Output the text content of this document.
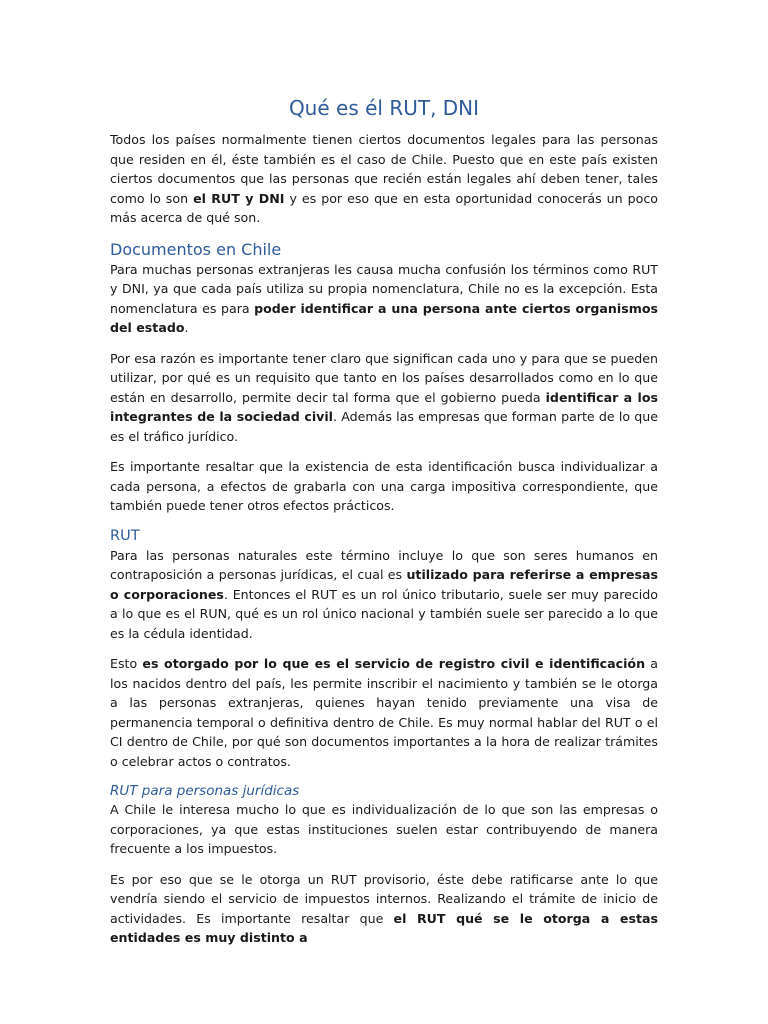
Qué es él RUT, DNI

Todos los países normalmente tienen ciertos documentos legales para las personas que residen en él, éste también es el caso de Chile. Puesto que en este país existen ciertos documentos que las personas que recién están legales ahí deben tener, tales como lo son el RUT y DNI y es por eso que en esta oportunidad conocerás un poco más acerca de qué son.

Documentos en Chile

Para muchas personas extranjeras les causa mucha confusión los términos como RUT y DNI, ya que cada país utiliza su propia nomenclatura, Chile no es la excepción. Esta nomenclatura es para poder identificar a una persona ante ciertos organismos del estado.

Por esa razón es importante tener claro que significan cada uno y para que se pueden utilizar, por qué es un requisito que tanto en los países desarrollados como en lo que están en desarrollo, permite decir tal forma que el gobierno pueda identificar a los integrantes de la sociedad civil. Además las empresas que forman parte de lo que es el tráfico jurídico.

Es importante resaltar que la existencia de esta identificación busca individualizar a cada persona, a efectos de grabarla con una carga impositiva correspondiente, que también puede tener otros efectos prácticos.

RUT

Para las personas naturales este término incluye lo que son seres humanos en contraposición a personas jurídicas, el cual es utilizado para referirse a empresas o corporaciones. Entonces el RUT es un rol único tributario, suele ser muy parecido a lo que es el RUN, qué es un rol único nacional y también suele ser parecido a lo que es la cédula identidad.

Esto es otorgado por lo que es el servicio de registro civil e identificación a los nacidos dentro del país, les permite inscribir el nacimiento y también se le otorga a las personas extranjeras, quienes hayan tenido previamente una visa de permanencia temporal o definitiva dentro de Chile. Es muy normal hablar del RUT o el CI dentro de Chile, por qué son documentos importantes a la hora de realizar trámites o celebrar actos o contratos.

RUT para personas jurídicas

A Chile le interesa mucho lo que es individualización de lo que son las empresas o corporaciones, ya que estas instituciones suelen estar contribuyendo de manera frecuente a los impuestos.

Es por eso que se le otorga un RUT provisorio, éste debe ratificarse ante lo que vendría siendo el servicio de impuestos internos. Realizando el trámite de inicio de actividades. Es importante resaltar que el RUT qué se le otorga a estas entidades es muy distinto a
